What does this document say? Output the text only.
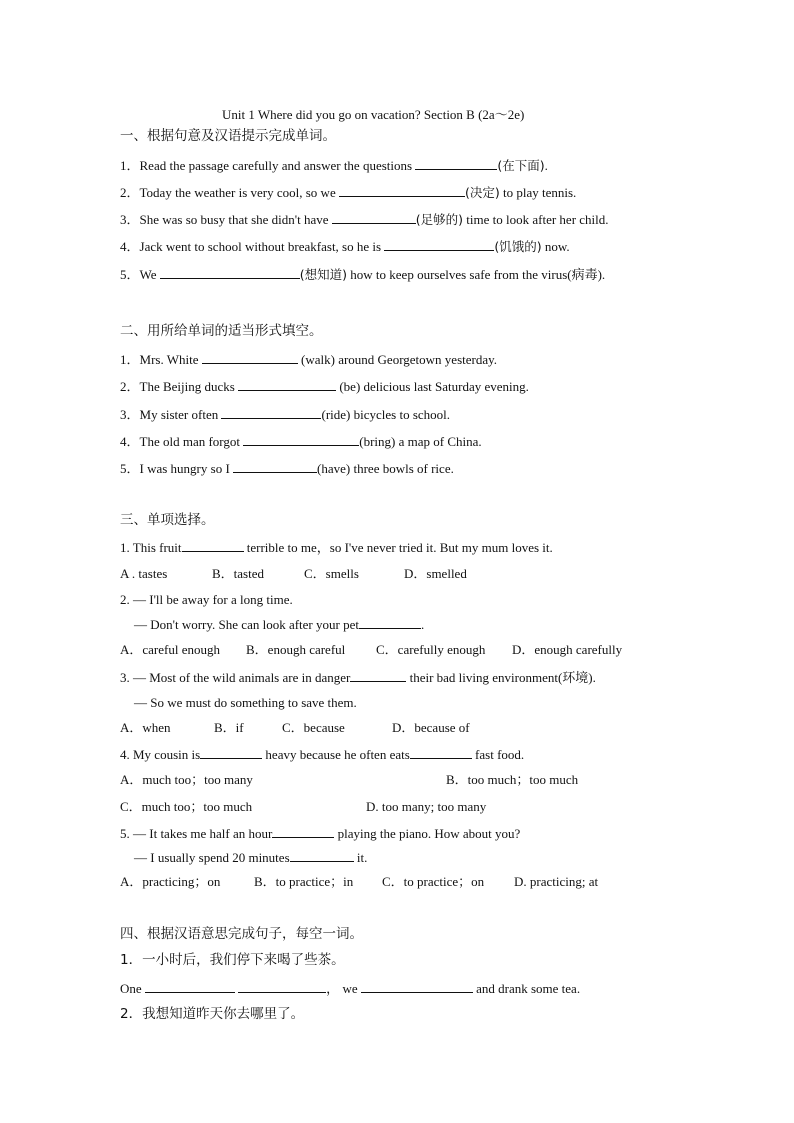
Unit 1 Where did you go on vacation? Section B (2a～2e)
一、根据句意及汉语提示完成单词。
1．Read the passage carefully and answer the questions	(在下面).
2．Today the weather is very cool, so we	(决定) to play tennis.
3．She was so busy that she didn't have	(足够的) time to look after her child.
4．Jack went to school without breakfast, so he is	(饥饿的) now.
5．We	(想知道) how to keep ourselves safe from the virus(病毒).
二、用所给单词的适当形式填空。
1．Mrs. White	(walk) around Georgetown yesterday.
2．The Beijing ducks	(be) delicious last Saturday evening.
3．My sister often	(ride) bicycles to school.
4．The old man forgot	(bring) a map of China.
5．I was hungry so I	(have) three bowls of rice.
三、单项选择。
1. This fruit	terrible to me，so I've never tried it. But my mum loves it.
A . tastes	B．tasted	C．smells	D．smelled
2. — I'll be away for a long time.
— Don't worry. She can look after your pet	.
A．careful enough B．enough careful C．carefully enough D．enough carefully
3. — Most of the wild animals are in danger	their bad living environment(环境).
— So we must do something to save them.
A．when	B．if	C．because	D．because of
4. My cousin is	heavy because he often eats	fast food.
A．much too；too many	B．too much；too much
C．much too；too much	D. too many; too many
5. — It takes me half an hour	playing the piano. How about you?
— I usually spend 20 minutes	it.
A．practicing；on	B．to practice；in C．to practice；on D. practicing; at
四、根据汉语意思完成句子，每空一词。
1．一小时后，我们停下来喝了些茶。
One	， we	and drank some tea.
2．我想知道昨天你去哪里了。
